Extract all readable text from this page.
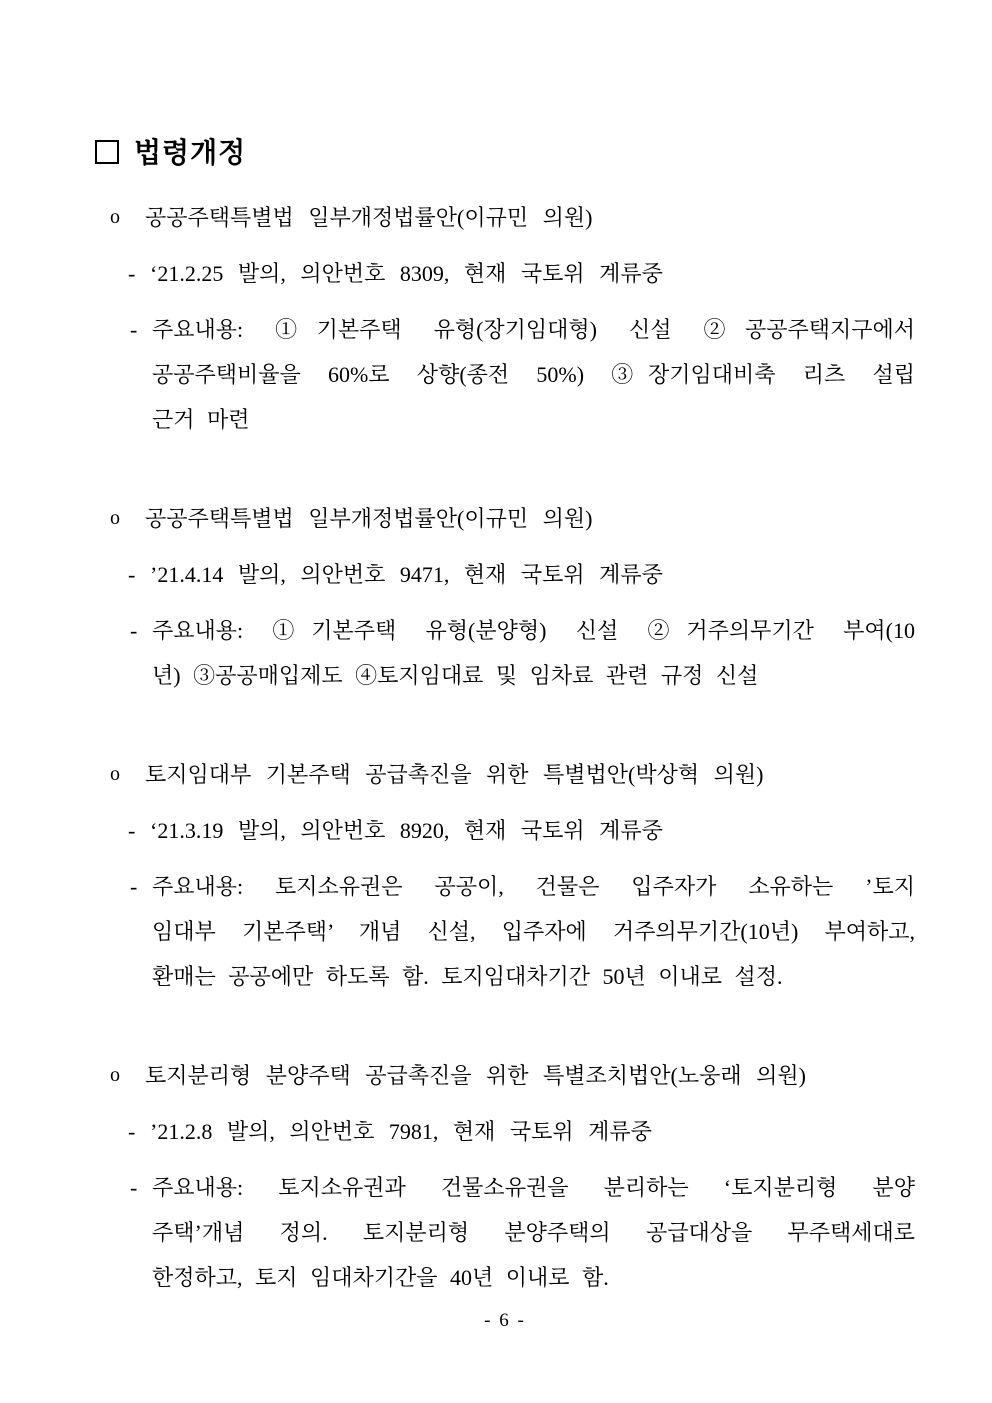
법령개정
o 공공주택특별법 일부개정법률안(이규민 의원)
- ‘21.2.25 발의, 의안번호 8309, 현재 국토위 계류중
- 주요내용: ①기본주택 유형(장기임대형) 신설 ②공공주택지구에서
공공주택비율을 60%로 상향(종전 50%) ③장기임대비축 리츠 설립
근거 마련
o 공공주택특별법 일부개정법률안(이규민 의원)
- ’21.4.14 발의, 의안번호 9471, 현재 국토위 계류중
- 주요내용: ①기본주택 유형(분양형) 신설 ②거주의무기간 부여(10
년) ③공공매입제도 ④토지임대료 및 임차료 관련 규정 신설
o 토지임대부 기본주택 공급촉진을 위한 특별법안(박상혁 의원)
- ‘21.3.19 발의, 의안번호 8920, 현재 국토위 계류중
- 주요내용: 토지소유권은 공공이, 건물은 입주자가 소유하는 ’토지
임대부 기본주택’ 개념 신설, 입주자에 거주의무기간(10년) 부여하고,
환매는 공공에만 하도록 함. 토지임대차기간 50년 이내로 설정.
o 토지분리형 분양주택 공급촉진을 위한 특별조치법안(노웅래 의원)
- ’21.2.8 발의, 의안번호 7981, 현재 국토위 계류중
- 주요내용: 토지소유권과 건물소유권을 분리하는 ‘토지분리형 분양
주택’개념 정의. 토지분리형 분양주택의 공급대상을 무주택세대로
한정하고, 토지 임대차기간을 40년 이내로 함.
- 6 -
